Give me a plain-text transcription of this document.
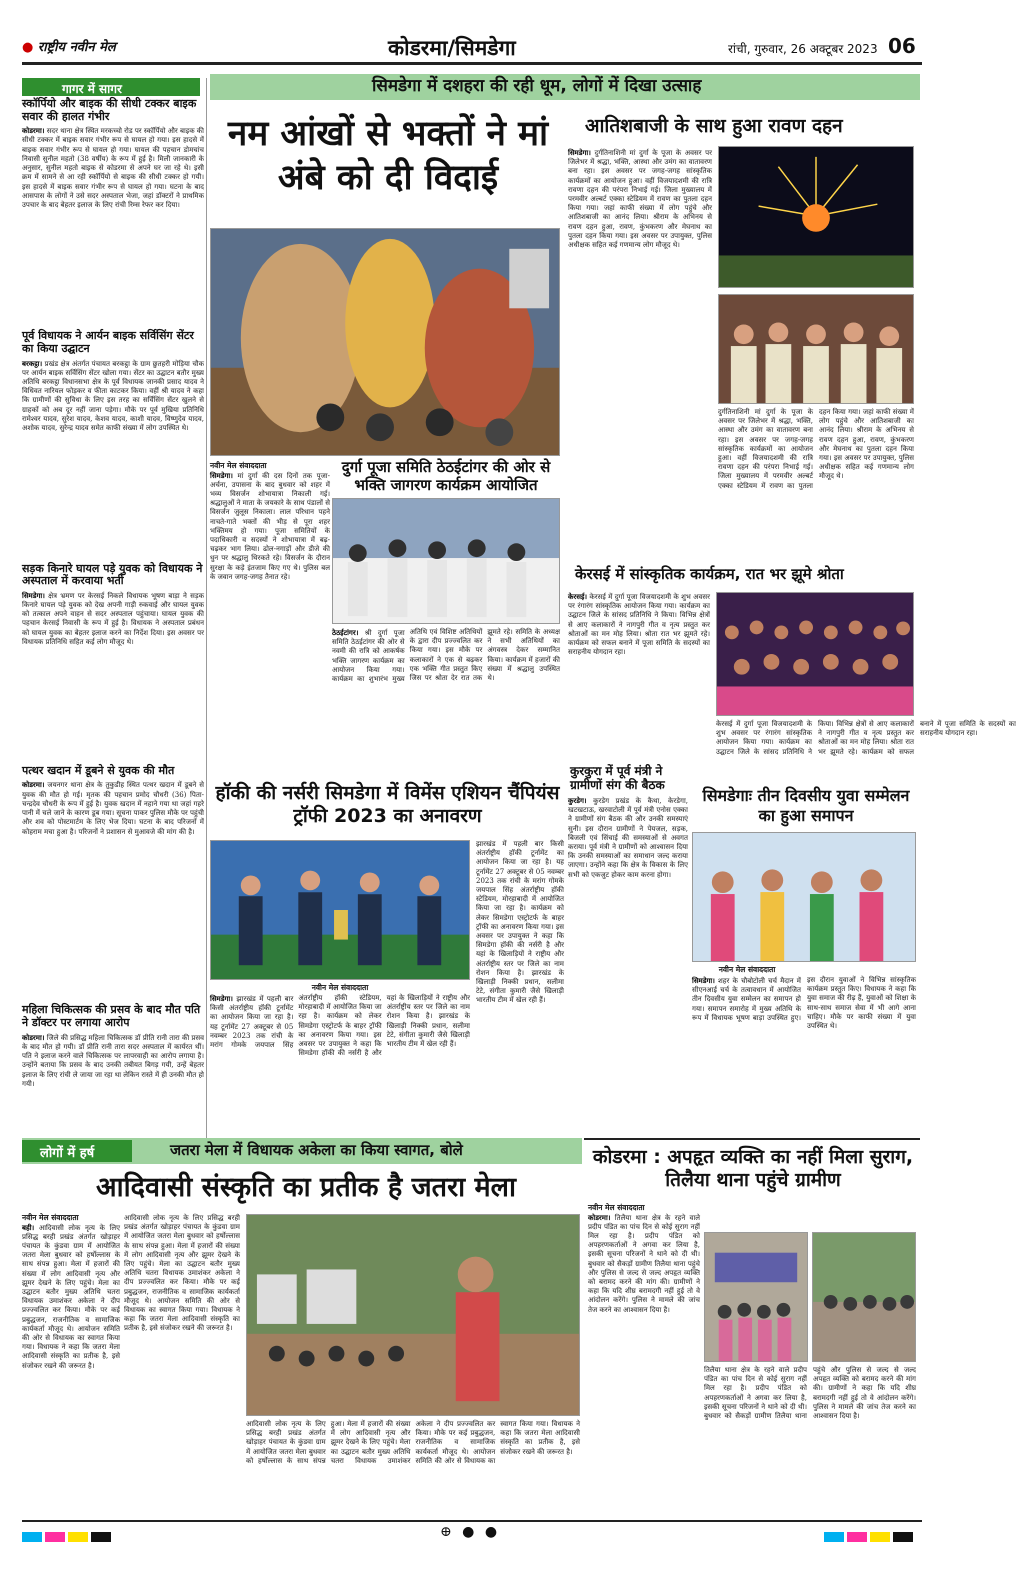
● राष्ट्रीय नवीन मेल	कोडरमा/सिमडेगा	रांची, गुरुवार, 26 अक्टूबर 2023 06
गागर में सागर
स्कॉर्पियो और बाइक की सीधी टक्कर बाइक सवार की हालत गंभीर
कोडरमा। सदर थाना क्षेत्र स्थित मरकच्चो रोड पर स्कॉर्पियो और बाइक की सीधी टक्कर में बाइक सवार गंभीर रूप से घायल हो गया। इस हादसे में बाइक सवार गंभीर रूप से घायल हो गया। घायल की पहचान डोमचांच निवासी सुनील महतो (38 वर्षीय) के रूप में हुई है। मिली जानकारी के अनुसार, सुनील महतो बाइक से कोडरमा से अपने घर जा रहे थे। इसी क्रम में सामने से आ रही स्कॉर्पियो से बाइक की सीधी टक्कर हो गयी। इस हादसे में बाइक सवार गंभीर रूप से घायल हो गया। घटना के बाद आसपास के लोगों ने उसे सदर अस्पताल भेजा, जहां डॉक्टरों ने प्राथमिक उपचार के बाद बेहतर इलाज के लिए रांची रिम्स रेफर कर दिया।
पूर्व विधायक ने आर्यन बाइक सर्विसिंग सेंटर का किया उद्घाटन
बरकट्ठा। प्रखंड क्षेत्र अंतर्गत पंचायत बरकट्ठा के ग्राम छुतहरी मोड़िया चौक पर आर्यन बाइक सर्विसिंग सेंटर खोला गया। सेंटर का उद्घाटन बतौर मुख्य अतिथि बरकट्ठा विधानसभा क्षेत्र के पूर्व विधायक जानकी प्रसाद यादव ने विधिवत नारियल फोड़कर व फीता काटकर किया। वहीं श्री यादव ने कहा कि ग्रामीणों की सुविधा के लिए इस तरह का सर्विसिंग सेंटर खुलने से ग्राहकों को अब दूर नहीं जाना पड़ेगा। मौके पर पूर्व मुखिया प्रतिनिधि रामेश्वर यादव, सुरेश यादव, केशव यादव, काशी यादव, विष्णुदेव यादव, अशोक यादव, सुरेन्द्र यादव समेत काफी संख्या में लोग उपस्थित थे।
सड़क किनारे घायल पड़े युवक को विधायक ने अस्पताल में करवाया भर्ती
सिमडेगा। क्षेत्र भ्रमण पर केरसई निकले विधायक भूषण बाड़ा ने सड़क किनारे घायल पड़े युवक को देख अपनी गाड़ी रुकवाई और घायल युवक को तत्काल अपने वाहन से सदर अस्पताल पहुंचाया। घायल युवक की पहचान केरसई निवासी के रूप में हुई है। विधायक ने अस्पताल प्रबंधन को घायल युवक का बेहतर इलाज करने का निर्देश दिया। इस अवसर पर विधायक प्रतिनिधि सहित कई लोग मौजूद थे।
पत्थर खदान में डूबने से युवक की मौत
कोडरमा। जयनगर थाना क्षेत्र के तुकुडीह स्थित पत्थर खदान में डूबने से युवक की मौत हो गई। मृतक की पहचान प्रमोद चौधरी (36) पिता-चन्द्रदेव चौधरी के रूप में हुई है। युवक खदान में नहाने गया था जहां गहरे पानी में चले जाने के कारण डूब गया। सूचना पाकर पुलिस मौके पर पहुंची और शव को पोस्टमार्टम के लिए भेज दिया। घटना के बाद परिजनों में कोहराम मचा हुआ है। परिजनों ने प्रशासन से मुआवजे की मांग की है।
महिला चिकित्सक की प्रसव के बाद मौत पति ने डॉक्टर पर लगाया आरोप
कोडरमा। जिले की प्रसिद्ध महिला चिकित्सक डॉ प्रीति रानी तारा की प्रसव के बाद मौत हो गयी। डॉ प्रीति रानी तारा सदर अस्पताल में कार्यरत थीं। पति ने इलाज करने वाले चिकित्सक पर लापरवाही का आरोप लगाया है। उन्होंने बताया कि प्रसव के बाद उनकी तबीयत बिगड़ गयी, उन्हें बेहतर इलाज के लिए रांची ले जाया जा रहा था लेकिन रास्ते में ही उनकी मौत हो गयी।
सिमडेगा में दशहरा की रही धूम, लोगों में दिखा उत्साह
नम आंखों से भक्तों ने मां अंबे को दी विदाई
नवीन मेल संवाददाता
सिमडेगा। मां दुर्गा की दस दिनों तक पूजा-अर्चना, उपासना के बाद बुधवार को शहर में भव्य विसर्जन शोभायात्रा निकाली गई। श्रद्धालुओं ने माता के जयकारे के साथ पंडालों से विसर्जन जुलूस निकाला। लाल परिधान पहने नाचते-गाते भक्तों की भीड़ से पूरा शहर भक्तिमय हो गया। पूजा समितियों के पदाधिकारी व सदस्यों ने शोभायात्रा में बढ़-चढ़कर भाग लिया। ढोल-नगाड़ों और डीजे की धुन पर श्रद्धालु थिरकते रहे। विसर्जन के दौरान सुरक्षा के कड़े इंतजाम किए गए थे। पुलिस बल के जवान जगह-जगह तैनात रहे।
दुर्गा पूजा समिति ठेठईटांगर की ओर से भक्ति जागरण कार्यक्रम आयोजित
ठेठईटांगर। श्री दुर्गा पूजा समिति ठेठईटांगर की ओर से नवमी की रात्रि को आकर्षक भक्ति जागरण कार्यक्रम का आयोजन किया गया। कार्यक्रम का शुभारंभ मुख्य अतिथि एवं विशिष्ट अतिथियों के द्वारा दीप प्रज्ज्वलित कर किया गया। इस मौके पर कलाकारों ने एक से बढ़कर एक भक्ति गीत प्रस्तुत किए जिस पर श्रोता देर रात तक झूमते रहे। समिति के अध्यक्ष ने सभी अतिथियों का अंगवस्त्र देकर सम्मानित किया। कार्यक्रम में हजारों की संख्या में श्रद्धालु उपस्थित थे।
आतिशबाजी के साथ हुआ रावण दहन
सिमडेगा। दुर्गतिनाशिनी मां दुर्गा के पूजा के अवसर पर जिलेभर में श्रद्धा, भक्ति, आस्था और उमंग का वातावरण बना रहा। इस अवसर पर जगह-जगह सांस्कृतिक कार्यक्रमों का आयोजन हुआ। वहीं विजयादशमी की रात्रि रावणा दहन की परंपरा निभाई गई। जिला मुख्यालय में परमवीर अल्बर्ट एक्का स्टेडियम में रावण का पुतला दहन किया गया। जहां काफी संख्या में लोग पहुंचे और आतिशबाजी का आनंद लिया। श्रीराम के अभिनय से रावण दहन हुआ, रावण, कुंभकरण और मेघनाथ का पुतला दहन किया गया। इस अवसर पर उपायुक्त, पुलिस अधीक्षक सहित कई गणमान्य लोग मौजूद थे।
दुर्गतिनाशिनी मां दुर्गा के पूजा के अवसर पर जिलेभर में श्रद्धा, भक्ति, आस्था और उमंग का वातावरण बना रहा। इस अवसर पर जगह-जगह सांस्कृतिक कार्यक्रमों का आयोजन हुआ। वहीं विजयादशमी की रात्रि रावणा दहन की परंपरा निभाई गई। जिला मुख्यालय में परमवीर अल्बर्ट एक्का स्टेडियम में रावण का पुतला दहन किया गया। जहां काफी संख्या में लोग पहुंचे और आतिशबाजी का आनंद लिया। श्रीराम के अभिनय से रावण दहन हुआ, रावण, कुंभकरण और मेघनाथ का पुतला दहन किया गया। इस अवसर पर उपायुक्त, पुलिस अधीक्षक सहित कई गणमान्य लोग मौजूद थे।
केरसई में सांस्कृतिक कार्यक्रम, रात भर झूमे श्रोता
केरसई। केरसई में दुर्गा पूजा विजयादशमी के शुभ अवसर पर रंगारंग सांस्कृतिक आयोजन किया गया। कार्यक्रम का उद्घाटन जिले के सांसद प्रतिनिधि ने किया। विभिन्न क्षेत्रों से आए कलाकारों ने नागपुरी गीत व नृत्य प्रस्तुत कर श्रोताओं का मन मोह लिया। श्रोता रात भर झूमते रहे। कार्यक्रम को सफल बनाने में पूजा समिति के सदस्यों का सराहनीय योगदान रहा।
केरसई में दुर्गा पूजा विजयादशमी के शुभ अवसर पर रंगारंग सांस्कृतिक आयोजन किया गया। कार्यक्रम का उद्घाटन जिले के सांसद प्रतिनिधि ने किया। विभिन्न क्षेत्रों से आए कलाकारों ने नागपुरी गीत व नृत्य प्रस्तुत कर श्रोताओं का मन मोह लिया। श्रोता रात भर झूमते रहे। कार्यक्रम को सफल बनाने में पूजा समिति के सदस्यों का सराहनीय योगदान रहा।
हॉकी की नर्सरी सिमडेगा में विमेंस एशियन चैंपियंस ट्रॉफी 2023 का अनावरण
नवीन मेल संवाददाता
सिमडेगा। झारखंड में पहली बार किसी अंतर्राष्ट्रीय हॉकी टूर्नामेंट का आयोजन किया जा रहा है। यह टूर्नामेंट 27 अक्टूबर से 05 नवम्बर 2023 तक रांची के मरांग गोमके जयपाल सिंह अंतर्राष्ट्रीय हॉकी स्टेडियम, मोरहाबादी में आयोजित किया जा रहा है। कार्यक्रम को लेकर सिमडेगा एस्ट्रोटर्फ के बाहर ट्रॉफी का अनावरण किया गया। इस अवसर पर उपायुक्त ने कहा कि सिमडेगा हॉकी की नर्सरी है और यहां के खिलाड़ियों ने राष्ट्रीय और अंतर्राष्ट्रीय स्तर पर जिले का नाम रोशन किया है। झारखंड के खिलाड़ी निक्की प्रधान, सलीमा टेटे, संगीता कुमारी जैसे खिलाड़ी भारतीय टीम में खेल रही हैं।
झारखंड में पहली बार किसी अंतर्राष्ट्रीय हॉकी टूर्नामेंट का आयोजन किया जा रहा है। यह टूर्नामेंट 27 अक्टूबर से 05 नवम्बर 2023 तक रांची के मरांग गोमके जयपाल सिंह अंतर्राष्ट्रीय हॉकी स्टेडियम, मोरहाबादी में आयोजित किया जा रहा है। कार्यक्रम को लेकर सिमडेगा एस्ट्रोटर्फ के बाहर ट्रॉफी का अनावरण किया गया। इस अवसर पर उपायुक्त ने कहा कि सिमडेगा हॉकी की नर्सरी है और यहां के खिलाड़ियों ने राष्ट्रीय और अंतर्राष्ट्रीय स्तर पर जिले का नाम रोशन किया है। झारखंड के खिलाड़ी निक्की प्रधान, सलीमा टेटे, संगीता कुमारी जैसे खिलाड़ी भारतीय टीम में खेल रही हैं।
कुरकुरा में पूर्व मंत्री ने ग्रामीणों संग की बैठक
कुरडेग। कुरडेग प्रखंड के कैथा, केरडेगा, खटखटाऊ, खरवाटोली में पूर्व मंत्री एनोस एक्का ने ग्रामीणों संग बैठक की और उनकी समस्याएं सुनी। इस दौरान ग्रामीणों ने पेयजल, सड़क, बिजली एवं सिंचाई की समस्याओं से अवगत कराया। पूर्व मंत्री ने ग्रामीणों को आश्वासन दिया कि उनकी समस्याओं का समाधान जल्द कराया जाएगा। उन्होंने कहा कि क्षेत्र के विकास के लिए सभी को एकजुट होकर काम करना होगा।
सिमडेगाः तीन दिवसीय युवा सम्मेलन का हुआ समापन
नवीन मेल संवाददाता
सिमडेगा। शहर के चौबोटोली चर्च मैदान में सीएनआई चर्च के तत्वावधान में आयोजित तीन दिवसीय युवा सम्मेलन का समापन हो गया। समापन समारोह में मुख्य अतिथि के रूप में विधायक भूषण बाड़ा उपस्थित हुए। इस दौरान युवाओं ने विभिन्न सांस्कृतिक कार्यक्रम प्रस्तुत किए। विधायक ने कहा कि युवा समाज की रीढ़ हैं, युवाओं को शिक्षा के साथ-साथ समाज सेवा में भी आगे आना चाहिए। मौके पर काफी संख्या में युवा उपस्थित थे।
लोगों में हर्ष	जतरा मेला में विधायक अकेला का किया स्वागत, बोले
आदिवासी संस्कृति का प्रतीक है जतरा मेला
नवीन मेल संवाददाता
बही। आदिवासी लोक नृत्य के लिए प्रसिद्ध बरही प्रखंड अंतर्गत खोड़ाहर पंचायत के कुंडवा ग्राम में आयोजित जतरा मेला बुधवार को हर्षोल्लास के साथ संपन्न हुआ। मेला में हजारों की संख्या में लोग आदिवासी नृत्य और झूमर देखने के लिए पहुंचे। मेला का उद्घाटन बतौर मुख्य अतिथि चतरा विधायक उमाशंकर अकेला ने दीप प्रज्ज्वलित कर किया। मौके पर कई प्रबुद्धजन, राजनीतिक व सामाजिक कार्यकर्ता मौजूद थे। आयोजन समिति की ओर से विधायक का स्वागत किया गया। विधायक ने कहा कि जतरा मेला आदिवासी संस्कृति का प्रतीक है, इसे संजोकर रखने की जरूरत है।
आदिवासी लोक नृत्य के लिए प्रसिद्ध बरही प्रखंड अंतर्गत खोड़ाहर पंचायत के कुंडवा ग्राम में आयोजित जतरा मेला बुधवार को हर्षोल्लास के साथ संपन्न हुआ। मेला में हजारों की संख्या में लोग आदिवासी नृत्य और झूमर देखने के लिए पहुंचे। मेला का उद्घाटन बतौर मुख्य अतिथि चतरा विधायक उमाशंकर अकेला ने दीप प्रज्ज्वलित कर किया। मौके पर कई प्रबुद्धजन, राजनीतिक व सामाजिक कार्यकर्ता मौजूद थे। आयोजन समिति की ओर से विधायक का स्वागत किया गया। विधायक ने कहा कि जतरा मेला आदिवासी संस्कृति का प्रतीक है, इसे संजोकर रखने की जरूरत है।
आदिवासी लोक नृत्य के लिए प्रसिद्ध बरही प्रखंड अंतर्गत खोड़ाहर पंचायत के कुंडवा ग्राम में आयोजित जतरा मेला बुधवार को हर्षोल्लास के साथ संपन्न हुआ। मेला में हजारों की संख्या में लोग आदिवासी नृत्य और झूमर देखने के लिए पहुंचे। मेला का उद्घाटन बतौर मुख्य अतिथि चतरा विधायक उमाशंकर अकेला ने दीप प्रज्ज्वलित कर किया। मौके पर कई प्रबुद्धजन, राजनीतिक व सामाजिक कार्यकर्ता मौजूद थे। आयोजन समिति की ओर से विधायक का स्वागत किया गया। विधायक ने कहा कि जतरा मेला आदिवासी संस्कृति का प्रतीक है, इसे संजोकर रखने की जरूरत है।
कोडरमा : अपहृत व्यक्ति का नहीं मिला सुराग, तिलैया थाना पहुंचे ग्रामीण
नवीन मेल संवाददाता
कोडरमा। तिलैया थाना क्षेत्र के रहने वाले प्रदीप पंडित का पांच दिन से कोई सुराग नहीं मिल रहा है। प्रदीप पंडित को अपहरणकर्ताओं ने अगवा कर लिया है, इसकी सूचना परिजनों ने थाने को दी थी। बुधवार को सैकड़ों ग्रामीण तिलैया थाना पहुंचे और पुलिस से जल्द से जल्द अपहृत व्यक्ति को बरामद करने की मांग की। ग्रामीणों ने कहा कि यदि शीघ्र बरामदगी नहीं हुई तो वे आंदोलन करेंगे। पुलिस ने मामले की जांच तेज करने का आश्वासन दिया है।
तिलैया थाना क्षेत्र के रहने वाले प्रदीप पंडित का पांच दिन से कोई सुराग नहीं मिल रहा है। प्रदीप पंडित को अपहरणकर्ताओं ने अगवा कर लिया है, इसकी सूचना परिजनों ने थाने को दी थी। बुधवार को सैकड़ों ग्रामीण तिलैया थाना पहुंचे और पुलिस से जल्द से जल्द अपहृत व्यक्ति को बरामद करने की मांग की। ग्रामीणों ने कहा कि यदि शीघ्र बरामदगी नहीं हुई तो वे आंदोलन करेंगे। पुलिस ने मामले की जांच तेज करने का आश्वासन दिया है।
⊕ ● ●
